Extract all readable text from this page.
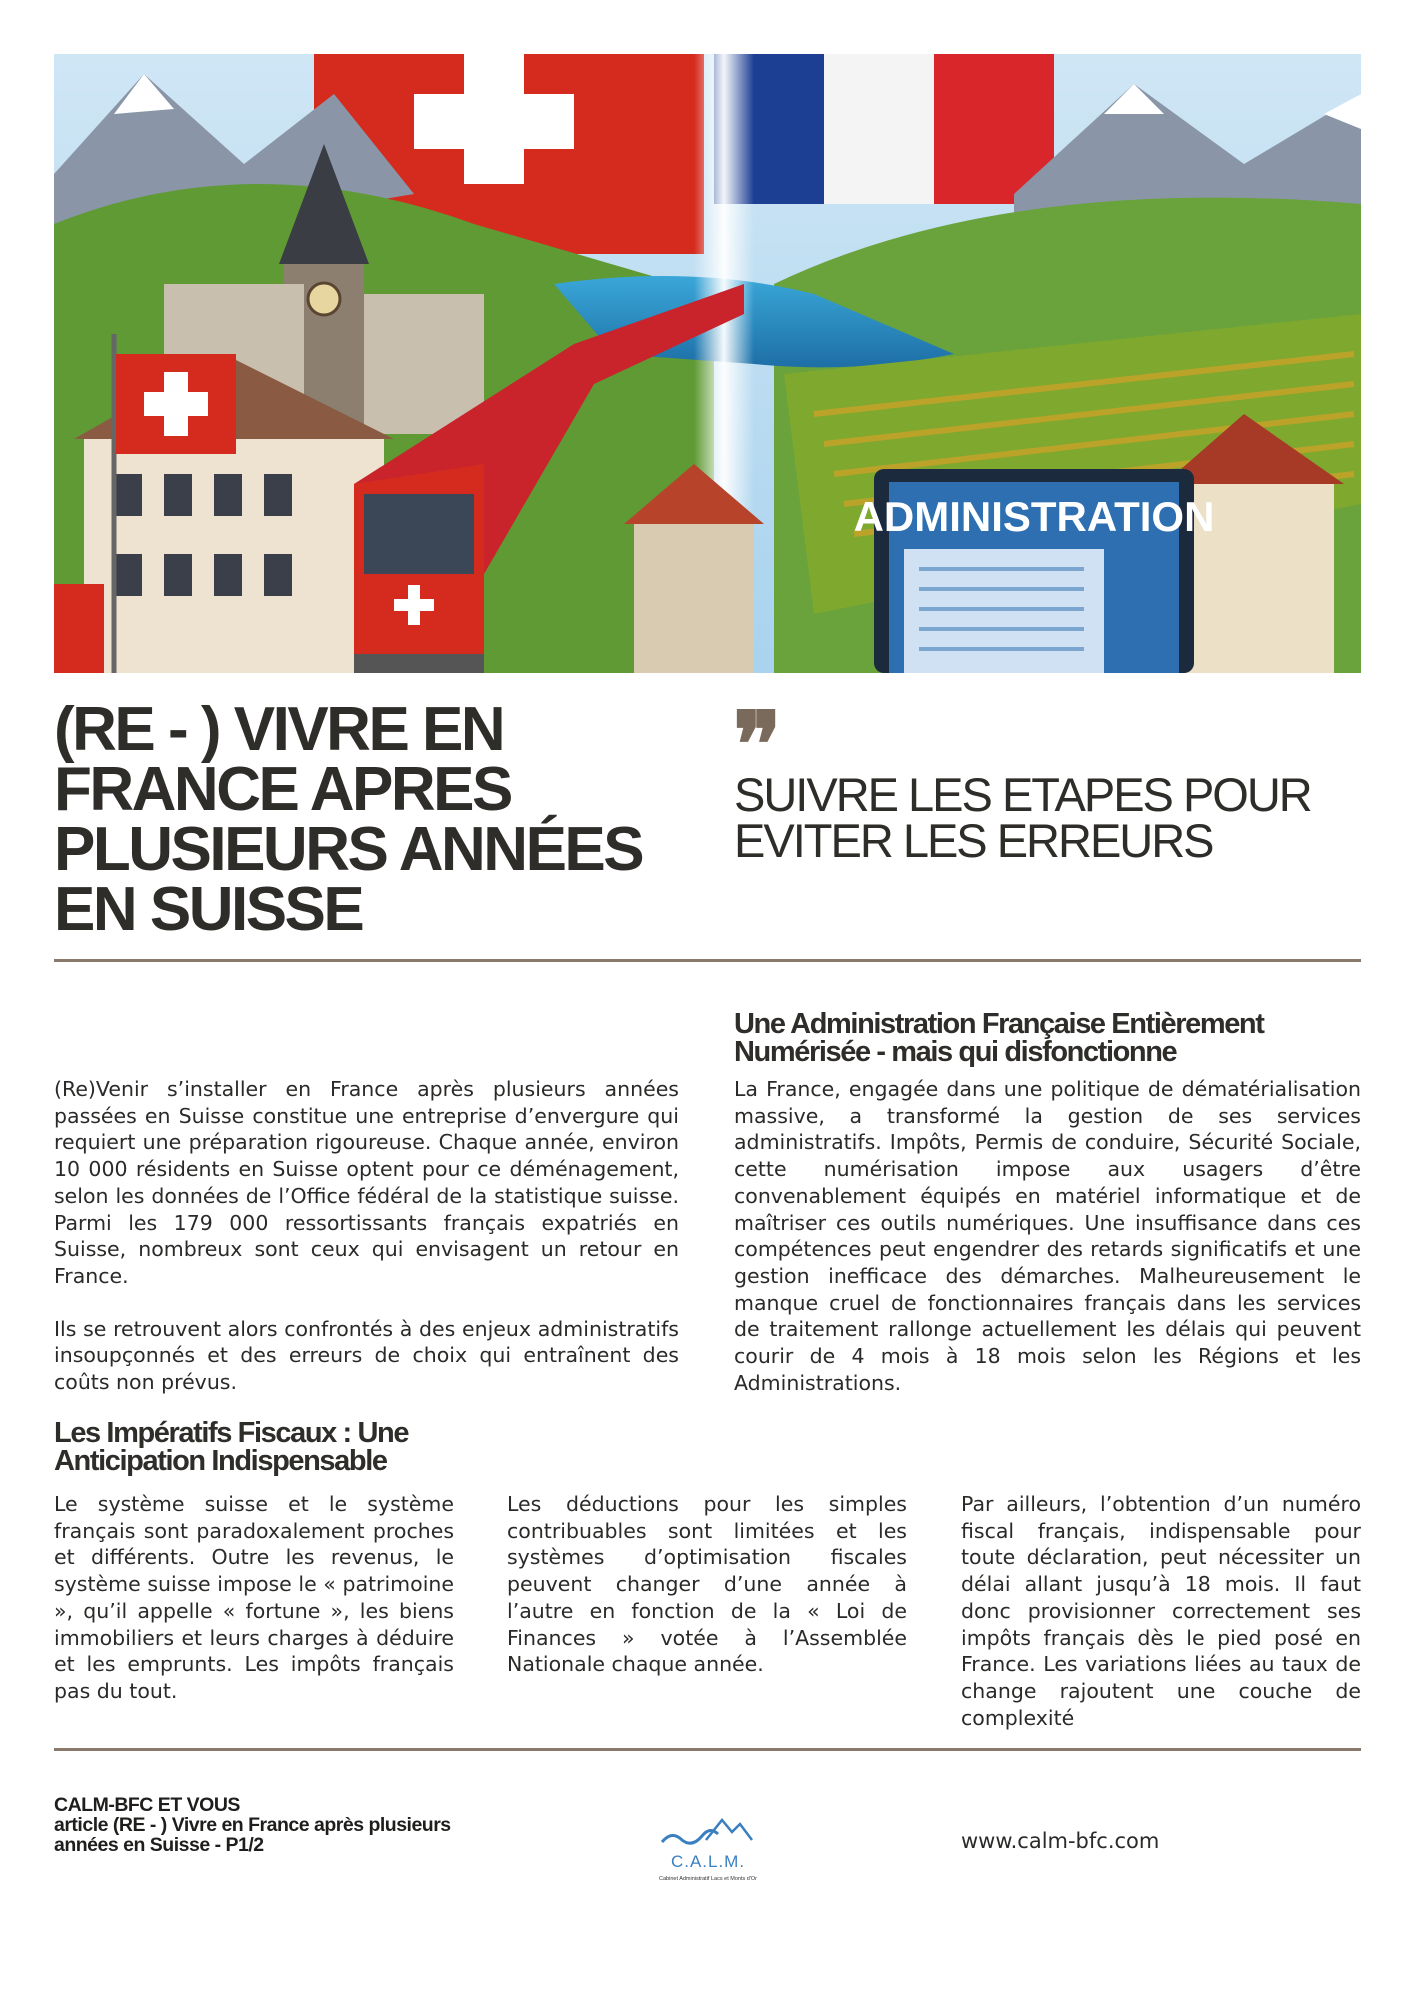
ADMINISTRATION
(RE - ) VIVRE EN FRANCE APRES PLUSIEURS ANNÉES EN SUISSE
❞
SUIVRE LES ETAPES POUR EVITER LES ERREURS

(Re)Venir s’installer en France après plusieurs années passées en Suisse constitue une entreprise d’envergure qui requiert une préparation rigoureuse. Chaque année, environ 10 000 résidents en Suisse optent pour ce déménagement, selon les données de l’Office fédéral de la statistique suisse. Parmi les 179 000 ressortissants français expatriés en Suisse, nombreux sont ceux qui envisagent un retour en France.

Ils se retrouvent alors confrontés à des enjeux administratifs insoupçonnés et des erreurs de choix qui entraînent des coûts non prévus.

Une Administration Française Entièrement Numérisée - mais qui disfonctionne

La France, engagée dans une politique de dématérialisation massive, a transformé la gestion de ses services administratifs. Impôts, Permis de conduire, Sécurité Sociale, cette numérisation impose aux usagers d’être convenablement équipés en matériel informatique et de maîtriser ces outils numériques. Une insuffisance dans ces compétences peut engendrer des retards significatifs et une gestion inefficace des démarches. Malheureusement le manque cruel de fonctionnaires français dans les services de traitement rallonge actuellement les délais qui peuvent courir de 4 mois à 18 mois selon les Régions et les Administrations.

Les Impératifs Fiscaux : Une Anticipation Indispensable

Le système suisse et le système français sont paradoxalement proches et différents. Outre les revenus, le système suisse impose le « patrimoine », qu’il appelle « fortune », les biens immobiliers et leurs charges à déduire et les emprunts. Les impôts français pas du tout.

Les déductions pour les simples contribuables sont limitées et les systèmes d’optimisation fiscales peuvent changer d’une année à l’autre en fonction de la « Loi de Finances » votée à l’Assemblée Nationale chaque année.

Par ailleurs, l’obtention d’un numéro fiscal français, indispensable pour toute déclaration, peut nécessiter un délai allant jusqu’à 18 mois. Il faut donc provisionner correctement ses impôts français dès le pied posé en France. Les variations liées au taux de change rajoutent une couche de complexité

CALM-BFC ET VOUS
article (RE - ) Vivre en France après plusieurs années en Suisse - P1/2
C.A.L.M.
Cabinet Administratif Lacs et Monts d'Or
www.calm-bfc.com
